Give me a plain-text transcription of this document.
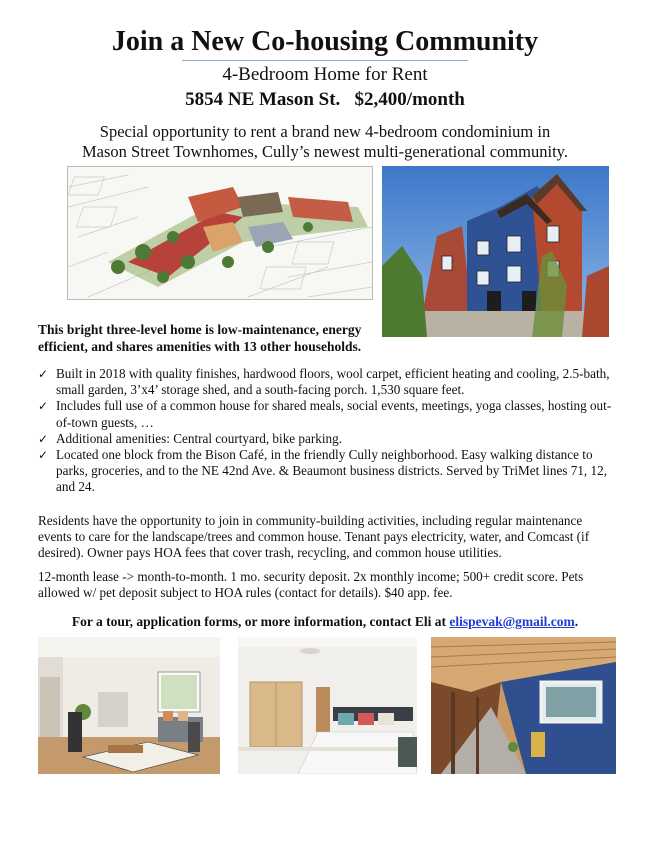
Join a New Co-housing Community
4-Bedroom Home for Rent
5854 NE Mason St. $2,400/month
Special opportunity to rent a brand new 4-bedroom condominium in
Mason Street Townhomes, Cully’s newest multi-generational community.
This bright three-level home is low-maintenance, energy efficient, and shares amenities with 13 other households.
✓ Built in 2018 with quality finishes, hardwood floors, wool carpet, efficient heating and cooling, 2.5-bath, small garden, 3’x4’ storage shed, and a south-facing porch. 1,530 square feet.
✓ Includes full use of a common house for shared meals, social events, meetings, yoga classes, hosting out-of-town guests, …
✓ Additional amenities: Central courtyard, bike parking.
✓ Located one block from the Bison Café, in the friendly Cully neighborhood. Easy walking distance to parks, groceries, and to the NE 42nd Ave. & Beaumont business districts. Served by TriMet lines 71, 12, and 24.
Residents have the opportunity to join in community-building activities, including regular maintenance events to care for the landscape/trees and common house. Tenant pays electricity, water, and Comcast (if desired). Owner pays HOA fees that cover trash, recycling, and common house utilities.
12-month lease -> month-to-month. 1 mo. security deposit. 2x monthly income; 500+ credit score. Pets allowed w/ pet deposit subject to HOA rules (contact for details). $40 app. fee.
For a tour, application forms, or more information, contact Eli at elispevak@gmail.com.
